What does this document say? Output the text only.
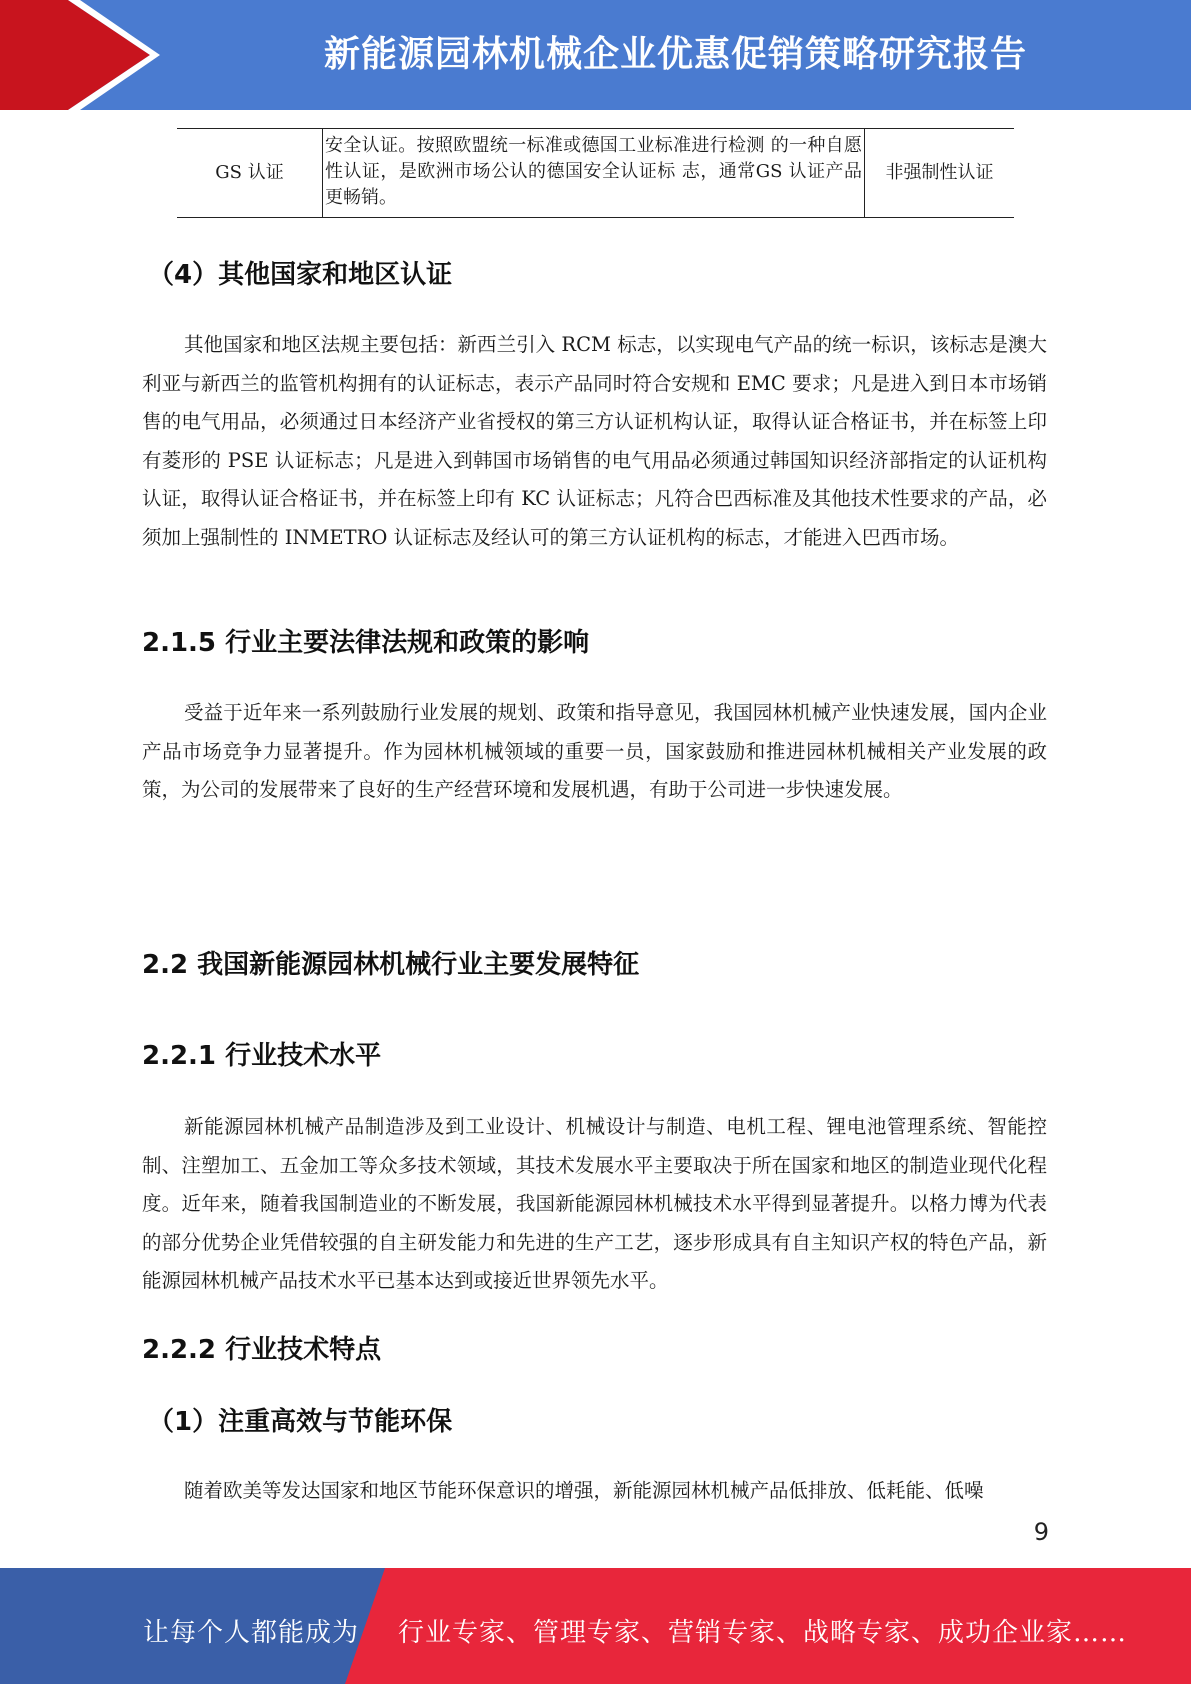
新能源园林机械企业优惠促销策略研究报告
GS 认证	安全认证。按照欧盟统一标准或德国工业标准进行检测 的一种自愿性认证，是欧洲市场公认的德国安全认证标 志，通常GS 认证产品更畅销。	非强制性认证
（4）其他国家和地区认证

其他国家和地区法规主要包括：新西兰引入 RCM 标志，以实现电气产品的统一标识，该标志是澳大利亚与新西兰的监管机构拥有的认证标志，表示产品同时符合安规和 EMC 要求；凡是进入到日本市场销售的电气用品，必须通过日本经济产业省授权的第三方认证机构认证，取得认证合格证书，并在标签上印有菱形的 PSE 认证标志；凡是进入到韩国市场销售的电气用品必须通过韩国知识经济部指定的认证机构认证，取得认证合格证书，并在标签上印有 KC 认证标志；凡符合巴西标准及其他技术性要求的产品，必须加上强制性的 INMETRO 认证标志及经认可的第三方认证机构的标志，才能进入巴西市场。

2.1.5 行业主要法律法规和政策的影响

受益于近年来一系列鼓励行业发展的规划、政策和指导意见，我国园林机械产业快速发展，国内企业产品市场竞争力显著提升。作为园林机械领域的重要一员，国家鼓励和推进园林机械相关产业发展的政策，为公司的发展带来了良好的生产经营环境和发展机遇，有助于公司进一步快速发展。

2.2 我国新能源园林机械行业主要发展特征
2.2.1 行业技术水平

新能源园林机械产品制造涉及到工业设计、机械设计与制造、电机工程、锂电池管理系统、智能控制、注塑加工、五金加工等众多技术领域，其技术发展水平主要取决于所在国家和地区的制造业现代化程度。近年来，随着我国制造业的不断发展，我国新能源园林机械技术水平得到显著提升。以格力博为代表的部分优势企业凭借较强的自主研发能力和先进的生产工艺，逐步形成具有自主知识产权的特色产品，新能源园林机械产品技术水平已基本达到或接近世界领先水平。

2.2.2 行业技术特点
（1）注重高效与节能环保

随着欧美等发达国家和地区节能环保意识的增强，新能源园林机械产品低排放、低耗能、低噪

9
让每个人都能成为 行业专家、管理专家、营销专家、战略专家、成功企业家……
